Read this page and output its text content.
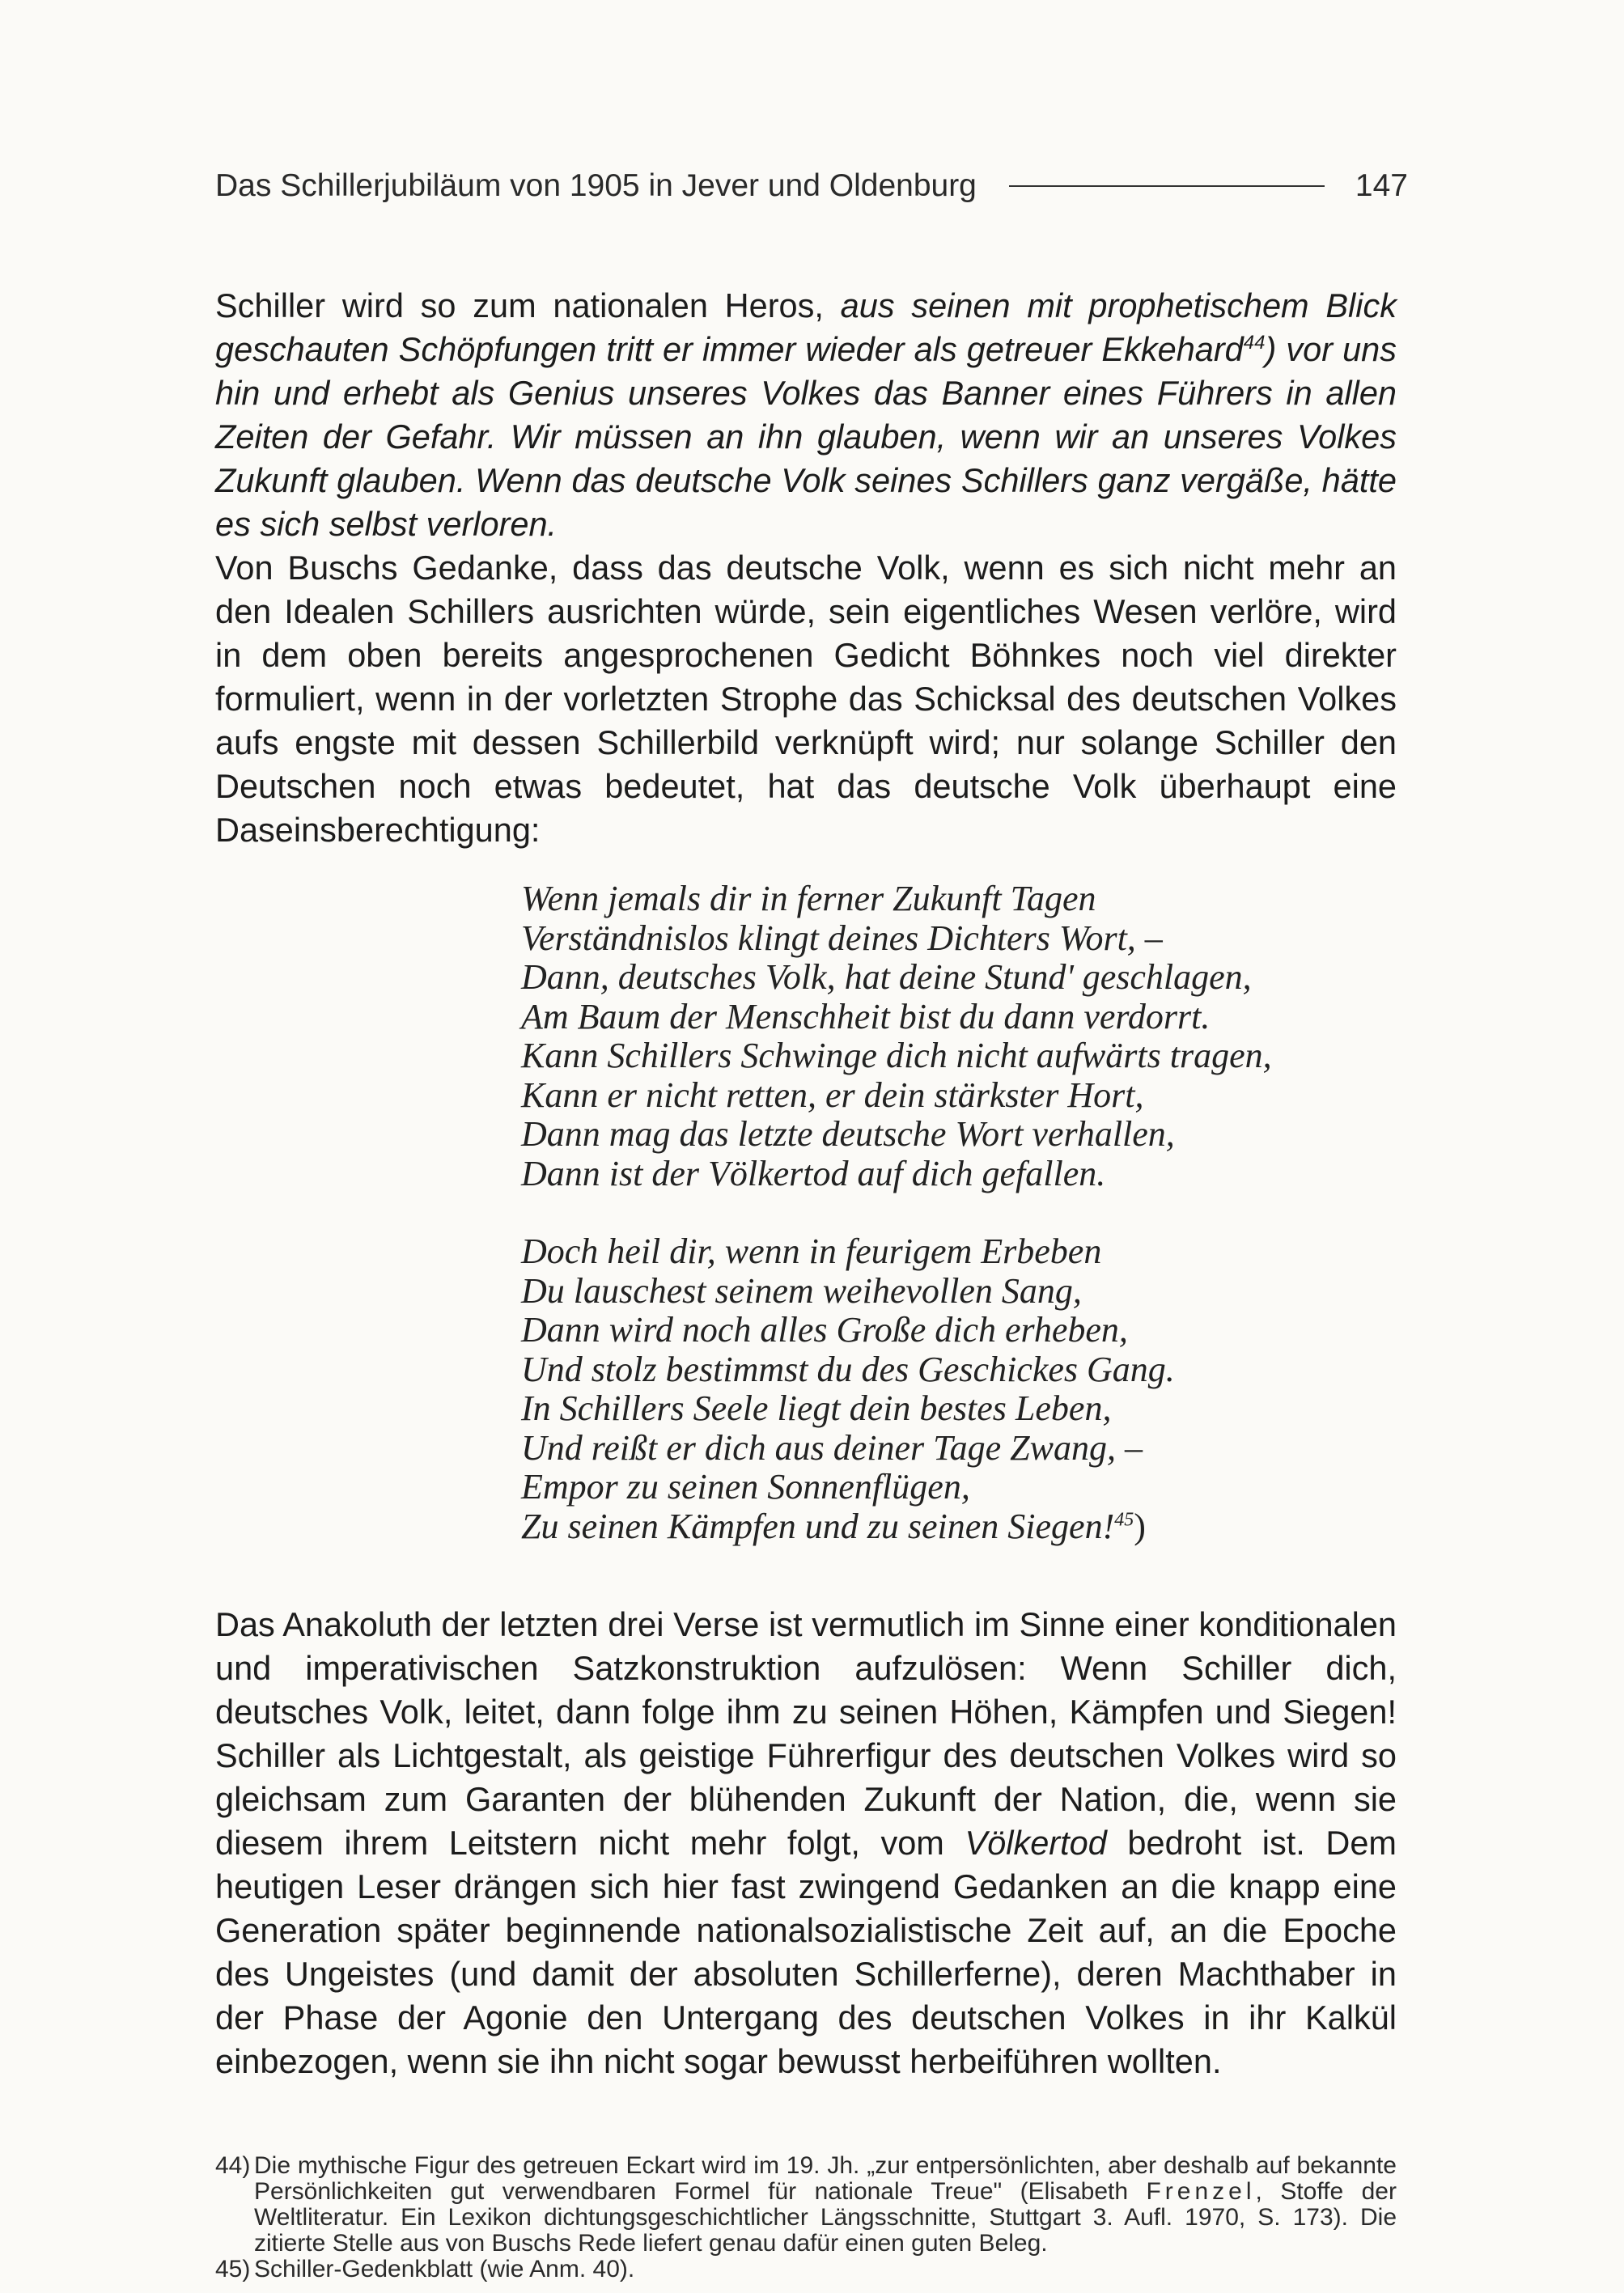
Das Schillerjubiläum von 1905 in Jever und Oldenburg	147

Schiller wird so zum nationalen Heros, aus seinen mit prophetischem Blick geschauten Schöpfungen tritt er immer wieder als getreuer Ekkehard$^{44}$) vor uns hin und erhebt als Genius unseres Volkes das Banner eines Führers in allen Zeiten der Gefahr. Wir müssen an ihn glauben, wenn wir an unseres Volkes Zukunft glauben. Wenn das deutsche Volk seines Schillers ganz vergäße, hätte es sich selbst verloren.

Von Buschs Gedanke, dass das deutsche Volk, wenn es sich nicht mehr an den Idealen Schillers ausrichten würde, sein eigentliches Wesen verlöre, wird in dem oben bereits angesprochenen Gedicht Böhnkes noch viel direkter formuliert, wenn in der vorletzten Strophe das Schicksal des deutschen Volkes aufs engste mit dessen Schillerbild verknüpft wird; nur solange Schiller den Deutschen noch etwas bedeutet, hat das deutsche Volk überhaupt eine Daseinsberechtigung:

Wenn jemals dir in ferner Zukunft Tagen
Verständnislos klingt deines Dichters Wort, –
Dann, deutsches Volk, hat deine Stund' geschlagen,
Am Baum der Menschheit bist du dann verdorrt.
Kann Schillers Schwinge dich nicht aufwärts tragen,
Kann er nicht retten, er dein stärkster Hort,
Dann mag das letzte deutsche Wort verhallen,
Dann ist der Völkertod auf dich gefallen.

Doch heil dir, wenn in feurigem Erbeben
Du lauschest seinem weihevollen Sang,
Dann wird noch alles Große dich erheben,
Und stolz bestimmst du des Geschickes Gang.
In Schillers Seele liegt dein bestes Leben,
Und reißt er dich aus deiner Tage Zwang, –
Empor zu seinen Sonnenflügen,
Zu seinen Kämpfen und zu seinen Siegen!$^{45}$)

Das Anakoluth der letzten drei Verse ist vermutlich im Sinne einer konditionalen und imperativischen Satzkonstruktion aufzulösen: Wenn Schiller dich, deutsches Volk, leitet, dann folge ihm zu seinen Höhen, Kämpfen und Siegen! Schiller als Lichtgestalt, als geistige Führerfigur des deutschen Volkes wird so gleichsam zum Garanten der blühenden Zukunft der Nation, die, wenn sie diesem ihrem Leitstern nicht mehr folgt, vom Völkertod bedroht ist. Dem heutigen Leser drängen sich hier fast zwingend Gedanken an die knapp eine Generation später beginnende nationalsozialistische Zeit auf, an die Epoche des Ungeistes (und damit der absoluten Schillerferne), deren Machthaber in der Phase der Agonie den Untergang des deutschen Volkes in ihr Kalkül einbezogen, wenn sie ihn nicht sogar bewusst herbeiführen wollten.

44) Die mythische Figur des getreuen Eckart wird im 19. Jh. „zur entpersönlichten, aber deshalb auf bekannte Persönlichkeiten gut verwendbaren Formel für nationale Treue" (Elisabeth Frenzel, Stoffe der Weltliteratur. Ein Lexikon dichtungsgeschichtlicher Längsschnitte, Stuttgart 3. Aufl. 1970, S. 173). Die zitierte Stelle aus von Buschs Rede liefert genau dafür einen guten Beleg.
45) Schiller-Gedenkblatt (wie Anm. 40).
